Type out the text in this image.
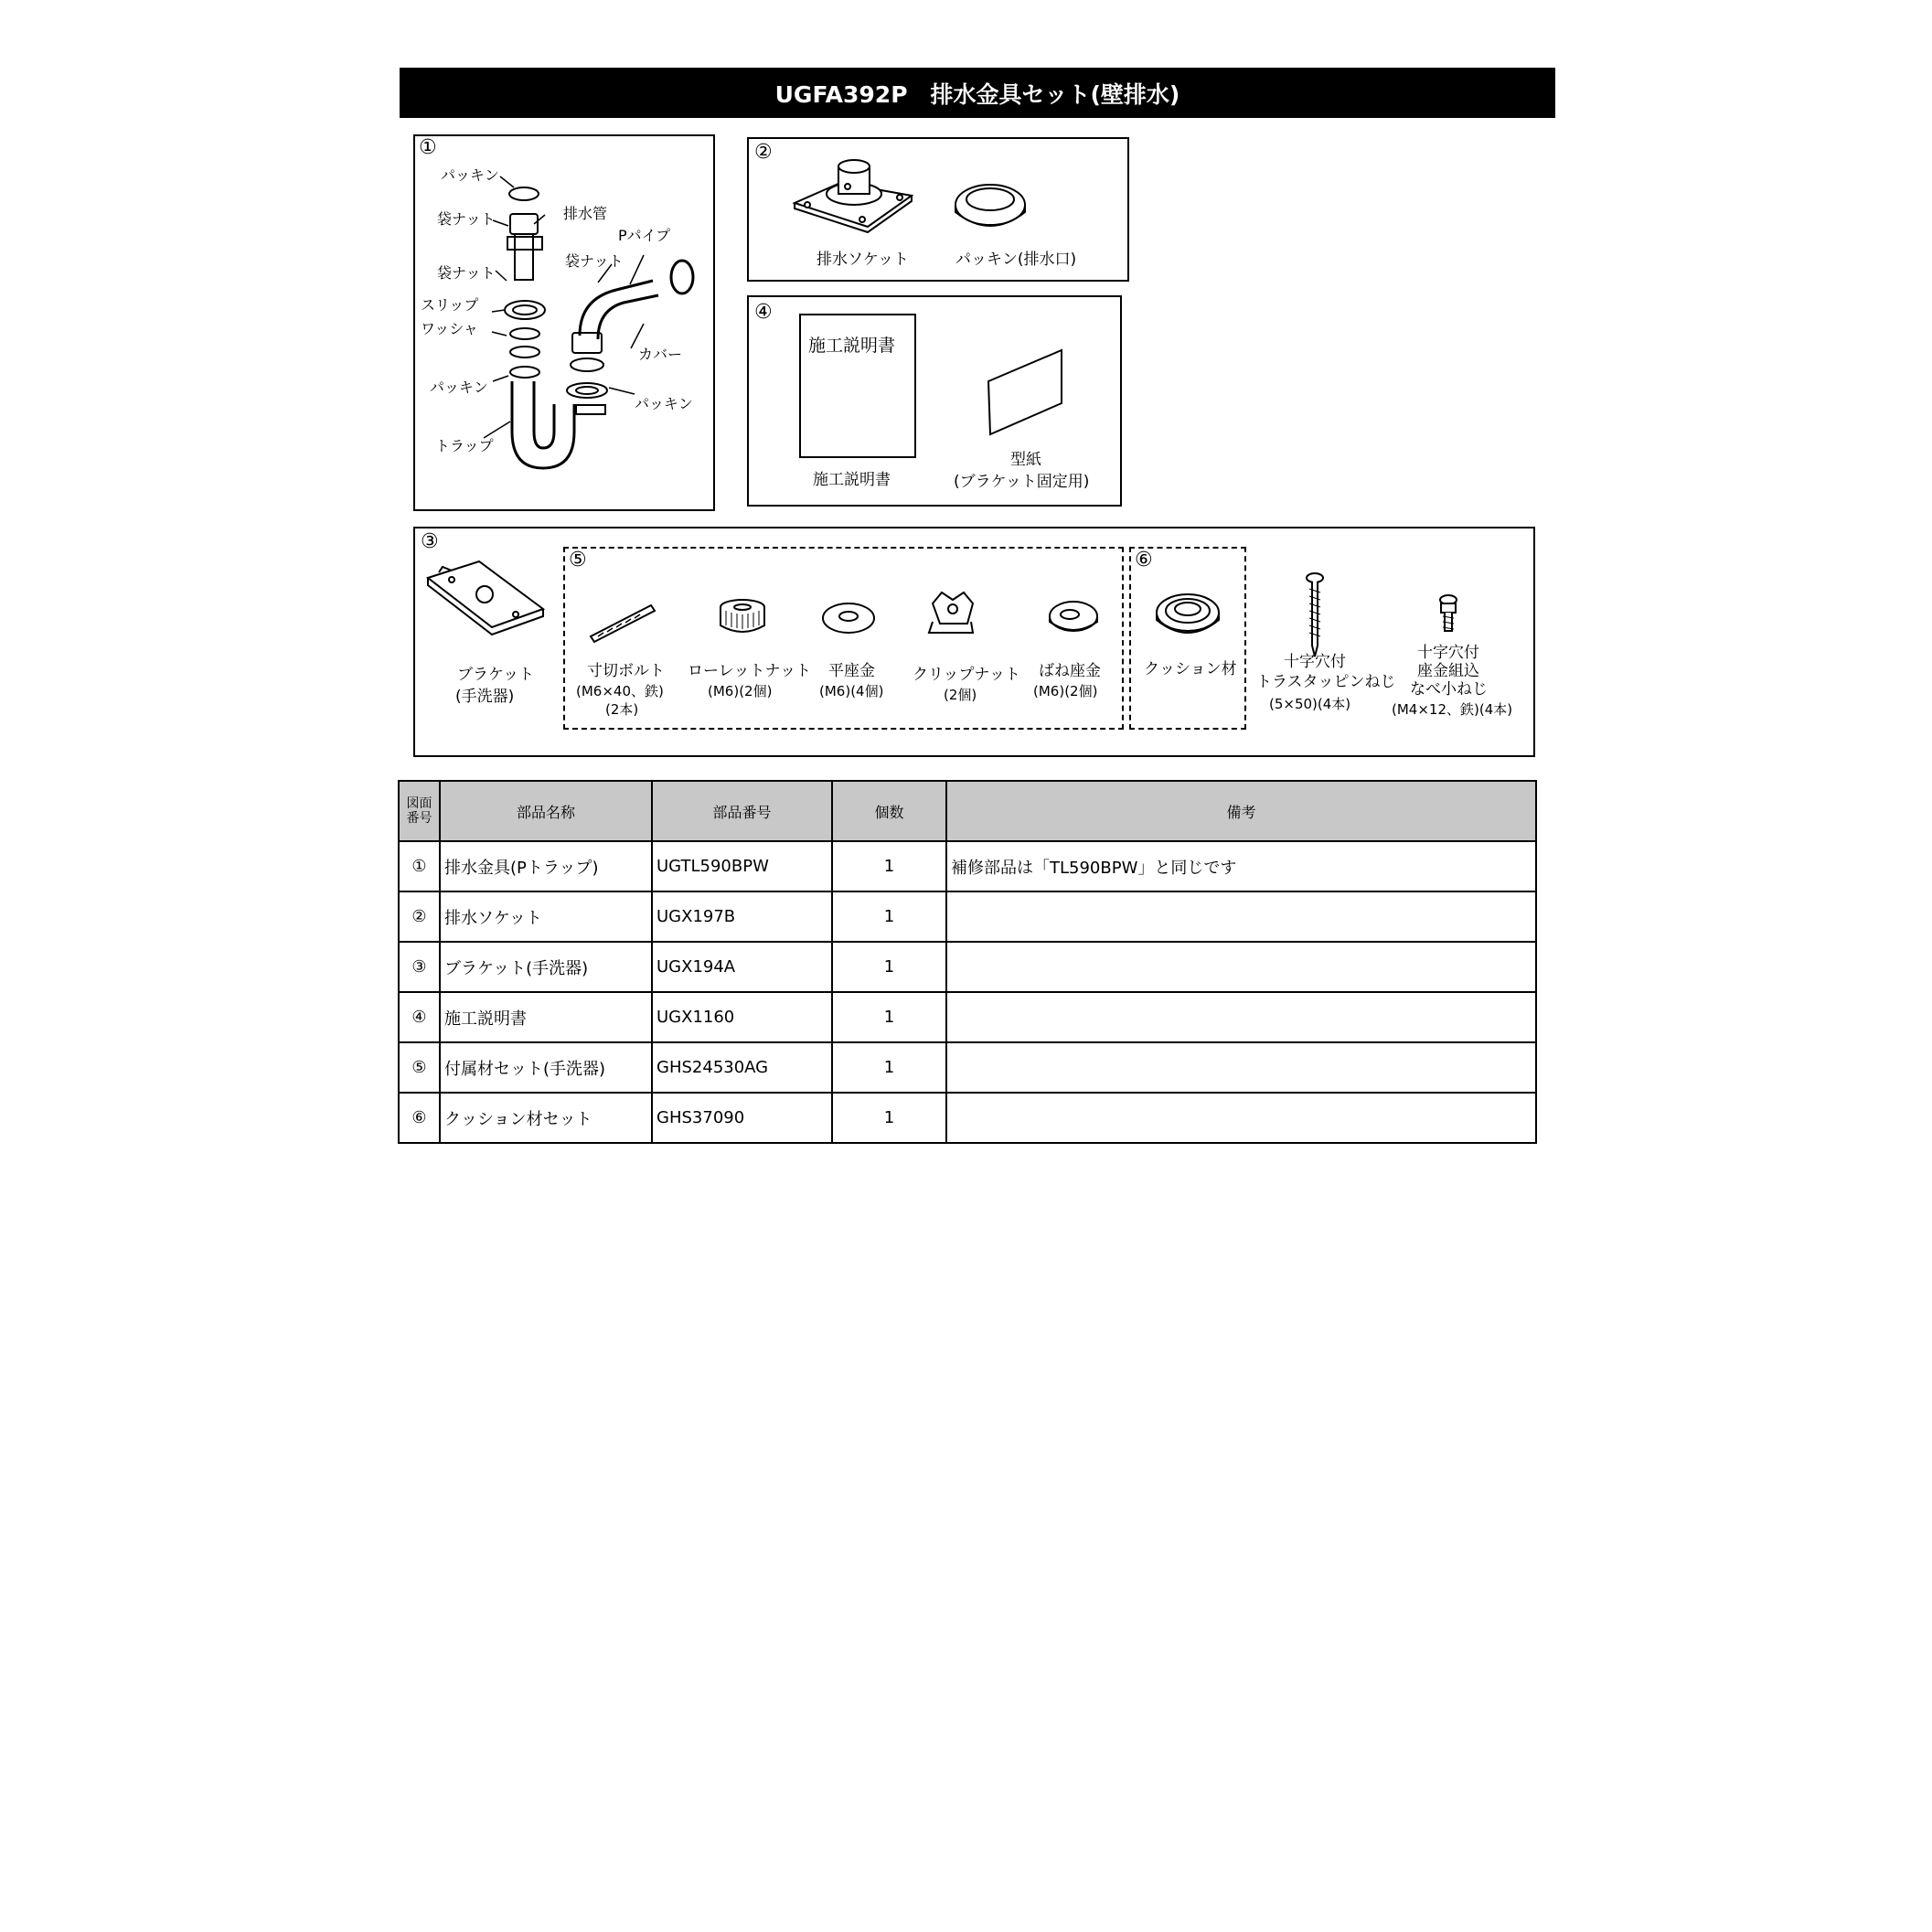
UGFA392P　排水金具セット(壁排水)
①
パッキン
袋ナット	排水管
Pパイプ
袋ナット
袋ナット
スリップ
ワッシャ
カバー
パッキン
パッキン
トラップ
②
排水ソケット	パッキン(排水口)
④
施工説明書
施工説明書
型紙
(ブラケット固定用)
③
ブラケット
(手洗器)
⑤
寸切ボルト
(M6×40、鉄)
(2本)
ローレットナット
(M6)(2個)
平座金
(M6)(4個)
クリップナット
(2個)
ばね座金
(M6)(2個)
⑥
クッション材	十字穴付
トラスタッピンねじ
(5×50)(4本)
十字穴付
座金組込
なべ小ねじ
(M4×12、鉄)(4本)
図面
番号	部品名称	部品番号	個数	備考
①	排水金具(Pトラップ)	UGTL590BPW	1	補修部品は「TL590BPW」と同じです
②	排水ソケット	UGX197B	1	
③	ブラケット(手洗器)	UGX194A	1	
④	施工説明書	UGX1160	1	
⑤	付属材セット(手洗器)	GHS24530AG	1	
⑥	クッション材セット	GHS37090	1	
